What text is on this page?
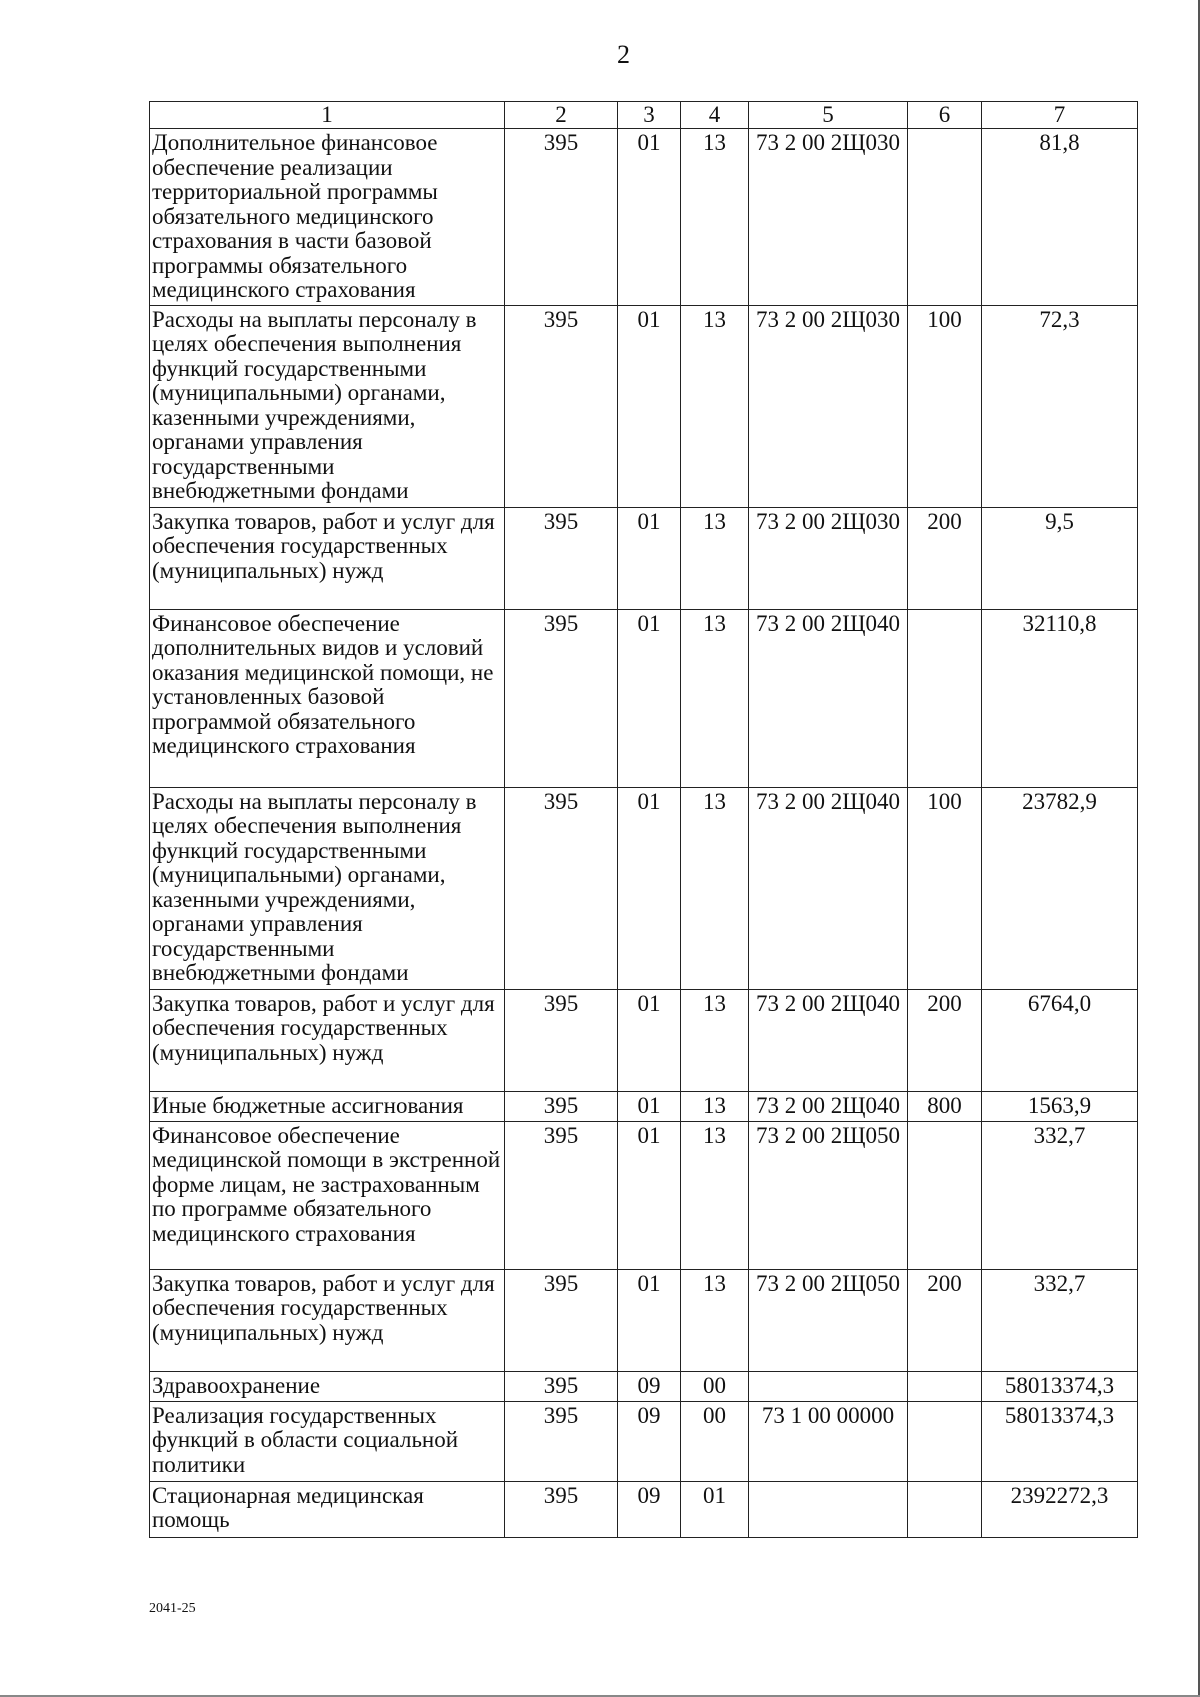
2
1	2	3	4	5	6	7
Дополнительное финансовое обеспечение реализации территориальной программы обязательного медицинского страхования в части базовой программы обязательного медицинского страхования	395	01	13	73 2 00 2Щ030		81,8
Расходы на выплаты персоналу в целях обеспечения выполнения функций государственными (муниципальными) органами, казенными учреждениями, органами управления государственными внебюджетными фондами	395	01	13	73 2 00 2Щ030	100	72,3
Закупка товаров, работ и услуг для обеспечения государственных (муниципальных) нужд	395	01	13	73 2 00 2Щ030	200	9,5
Финансовое обеспечение дополнительных видов и условий оказания медицинской помощи, не установленных базовой программой обязательного медицинского страхования	395	01	13	73 2 00 2Щ040		32110,8
Расходы на выплаты персоналу в целях обеспечения выполнения функций государственными (муниципальными) органами, казенными учреждениями, органами управления государственными внебюджетными фондами	395	01	13	73 2 00 2Щ040	100	23782,9
Закупка товаров, работ и услуг для обеспечения государственных (муниципальных) нужд	395	01	13	73 2 00 2Щ040	200	6764,0
Иные бюджетные ассигнования	395	01	13	73 2 00 2Щ040	800	1563,9
Финансовое обеспечение медицинской помощи в экстренной форме лицам, не застрахованным по программе обязательного медицинского страхования	395	01	13	73 2 00 2Щ050		332,7
Закупка товаров, работ и услуг для обеспечения государственных (муниципальных) нужд	395	01	13	73 2 00 2Щ050	200	332,7
Здравоохранение	395	09	00			58013374,3
Реализация государственных функций в области социальной политики	395	09	00	73 1 00 00000		58013374,3
Стационарная медицинская помощь	395	09	01			2392272,3
2041-25
